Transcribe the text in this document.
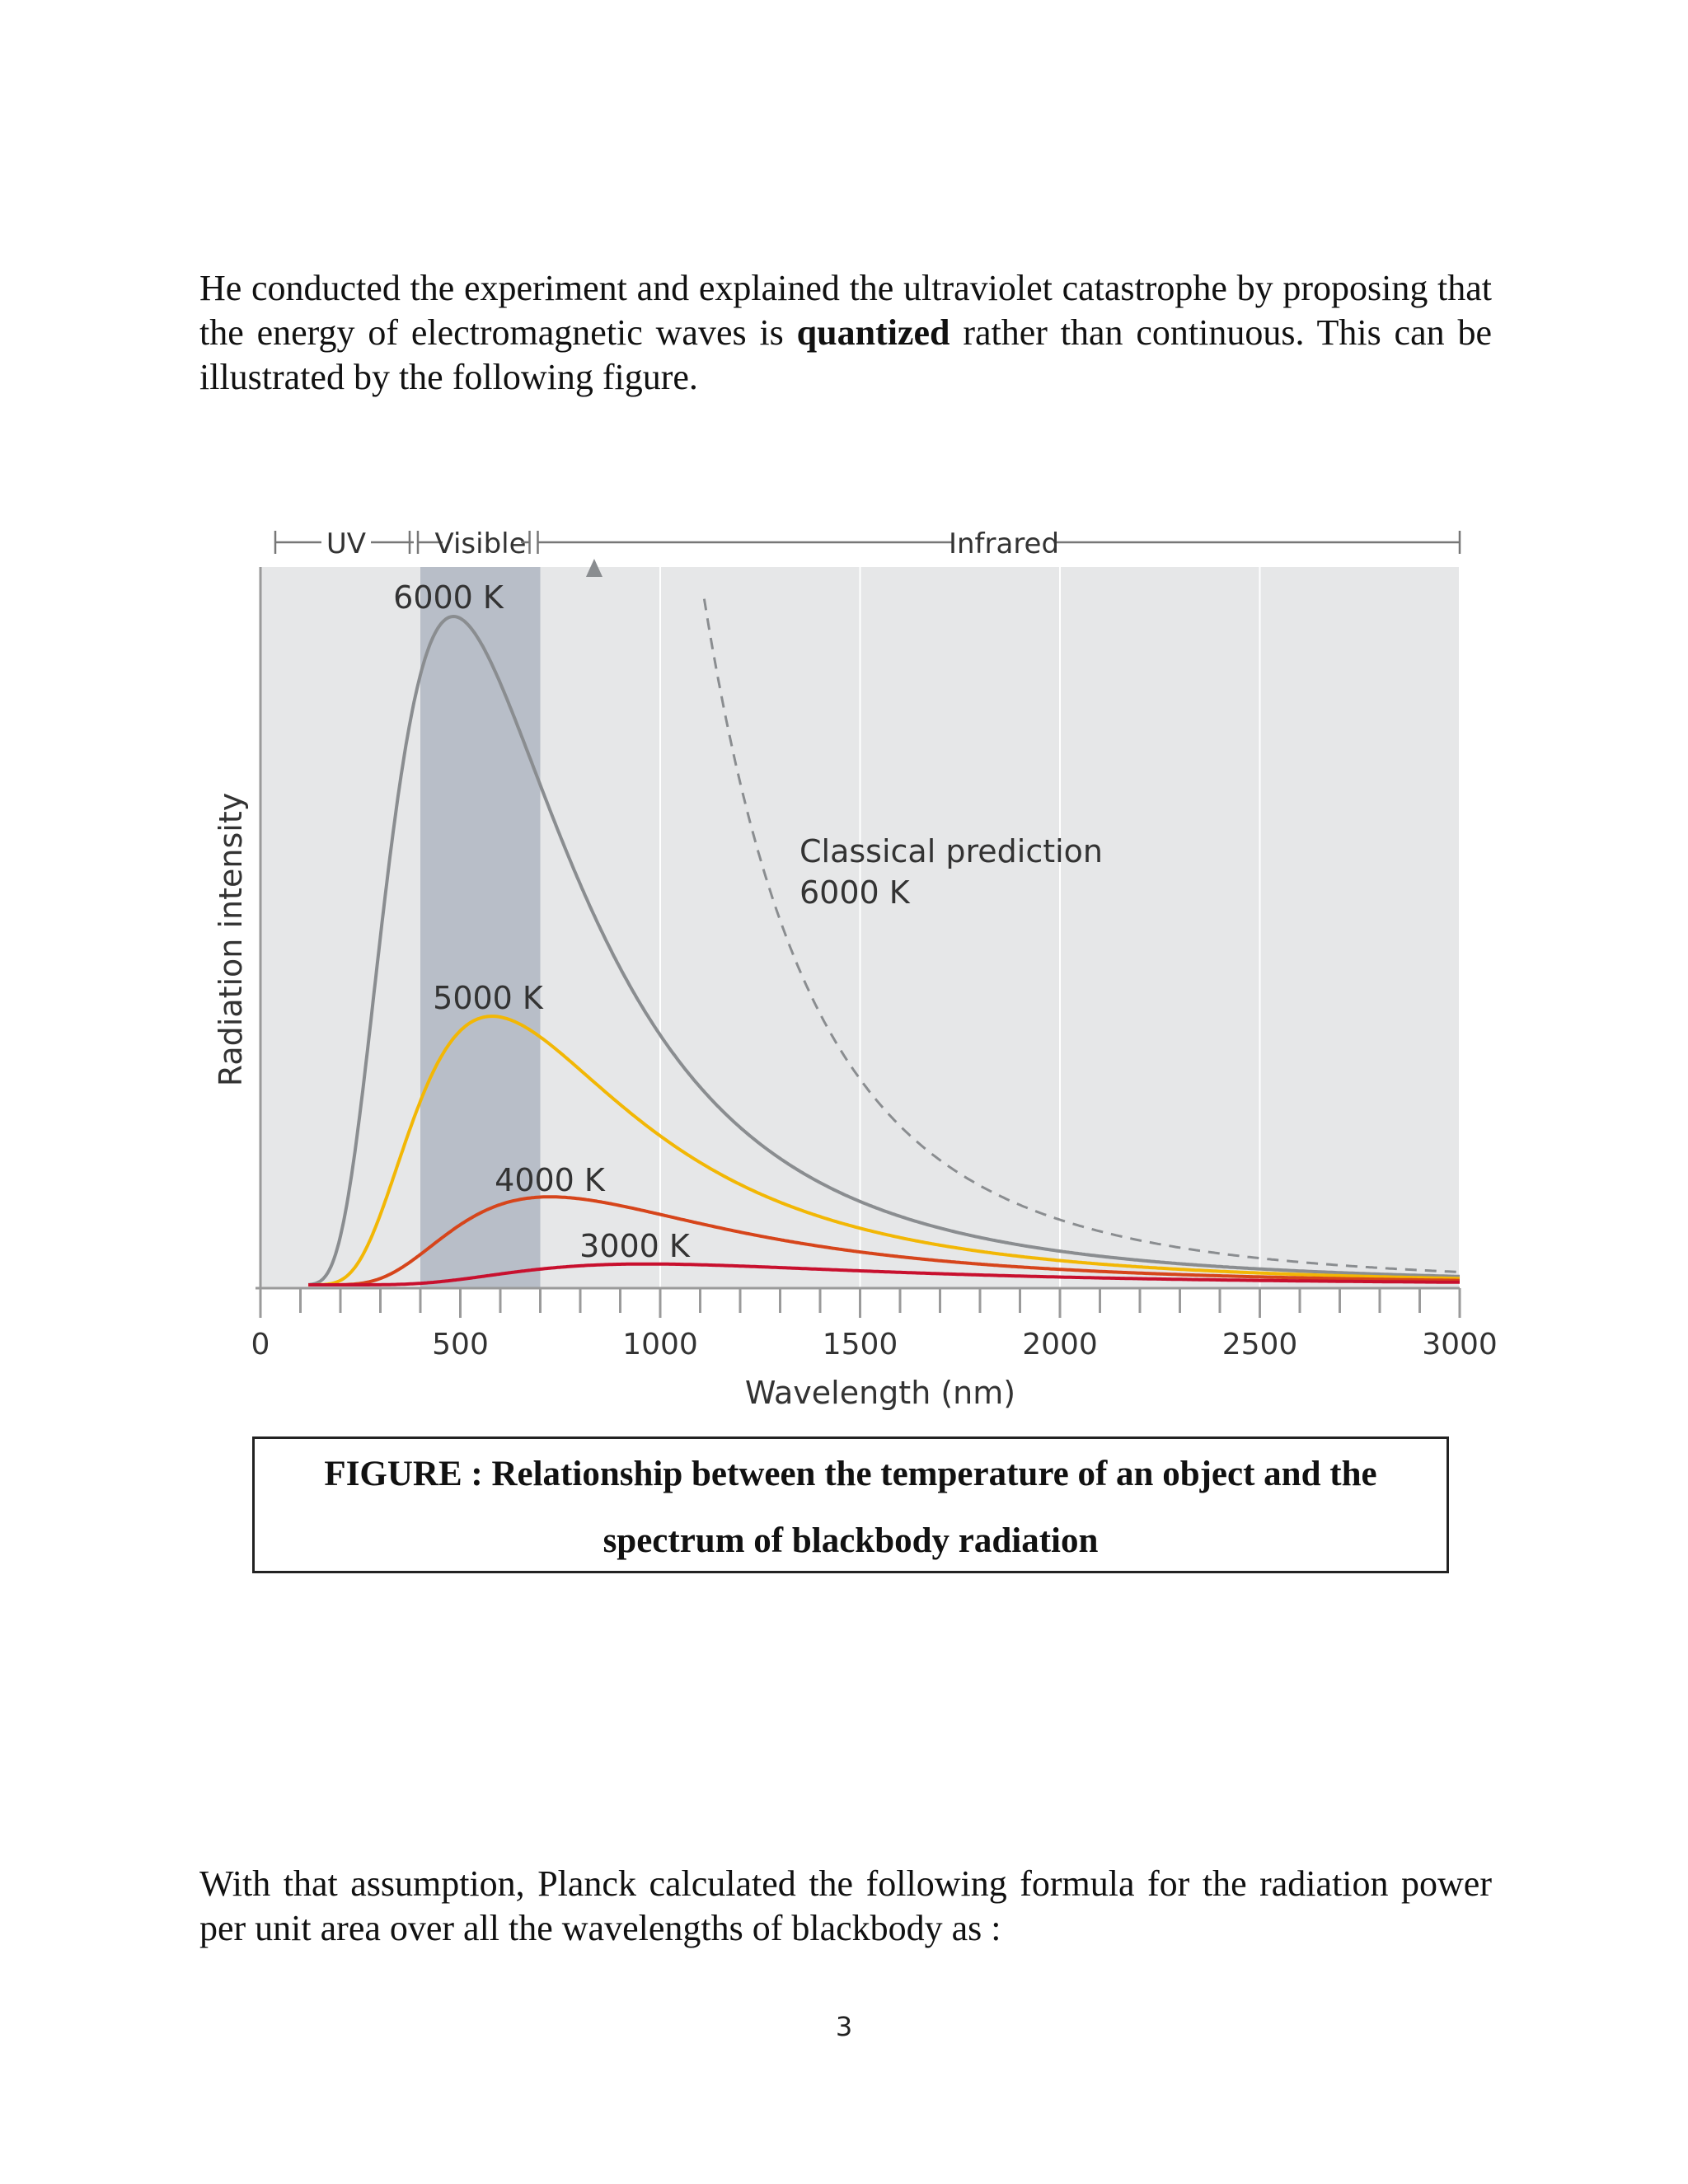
He conducted the experiment and explained the ultraviolet catastrophe by proposing that the energy of electromagnetic waves is quantized rather than continuous. This can be illustrated by the following figure.

0	500	1000	1500	2000	2500	3000
Wavelength (nm)
Radiation intensity
UV Visible	Infrared
6000 K
5000 K
4000 K
3000 K
Classical prediction
6000 K
FIGURE : Relationship between the temperature of an object and the spectrum of blackbody radiation

With that assumption, Planck calculated the following formula for the radiation power per unit area over all the wavelengths of blackbody as :

3
